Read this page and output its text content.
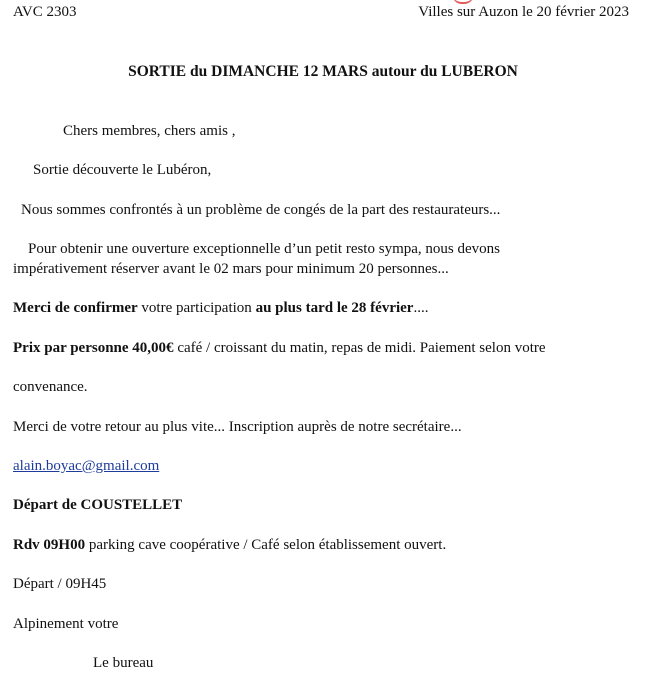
AVC 2303	Villes sur Auzon le 20 février 2023
SORTIE du DIMANCHE 12 MARS autour du LUBERON
Chers membres, chers amis ,
Sortie découverte le Lubéron,
Nous sommes confrontés à un problème de congés de la part des restaurateurs...
Pour obtenir une ouverture exceptionnelle d’un petit resto sympa, nous devons
impérativement réserver avant le 02 mars pour minimum 20 personnes...
Merci de confirmer votre participation au plus tard le 28 février....
Prix par personne 40,00€ café / croissant du matin, repas de midi. Paiement selon votre
convenance.
Merci de votre retour au plus vite... Inscription auprès de notre secrétaire...
alain.boyac@gmail.com
Départ de COUSTELLET
Rdv 09H00 parking cave coopérative / Café selon établissement ouvert.
Départ / 09H45
Alpinement votre
Le bureau
